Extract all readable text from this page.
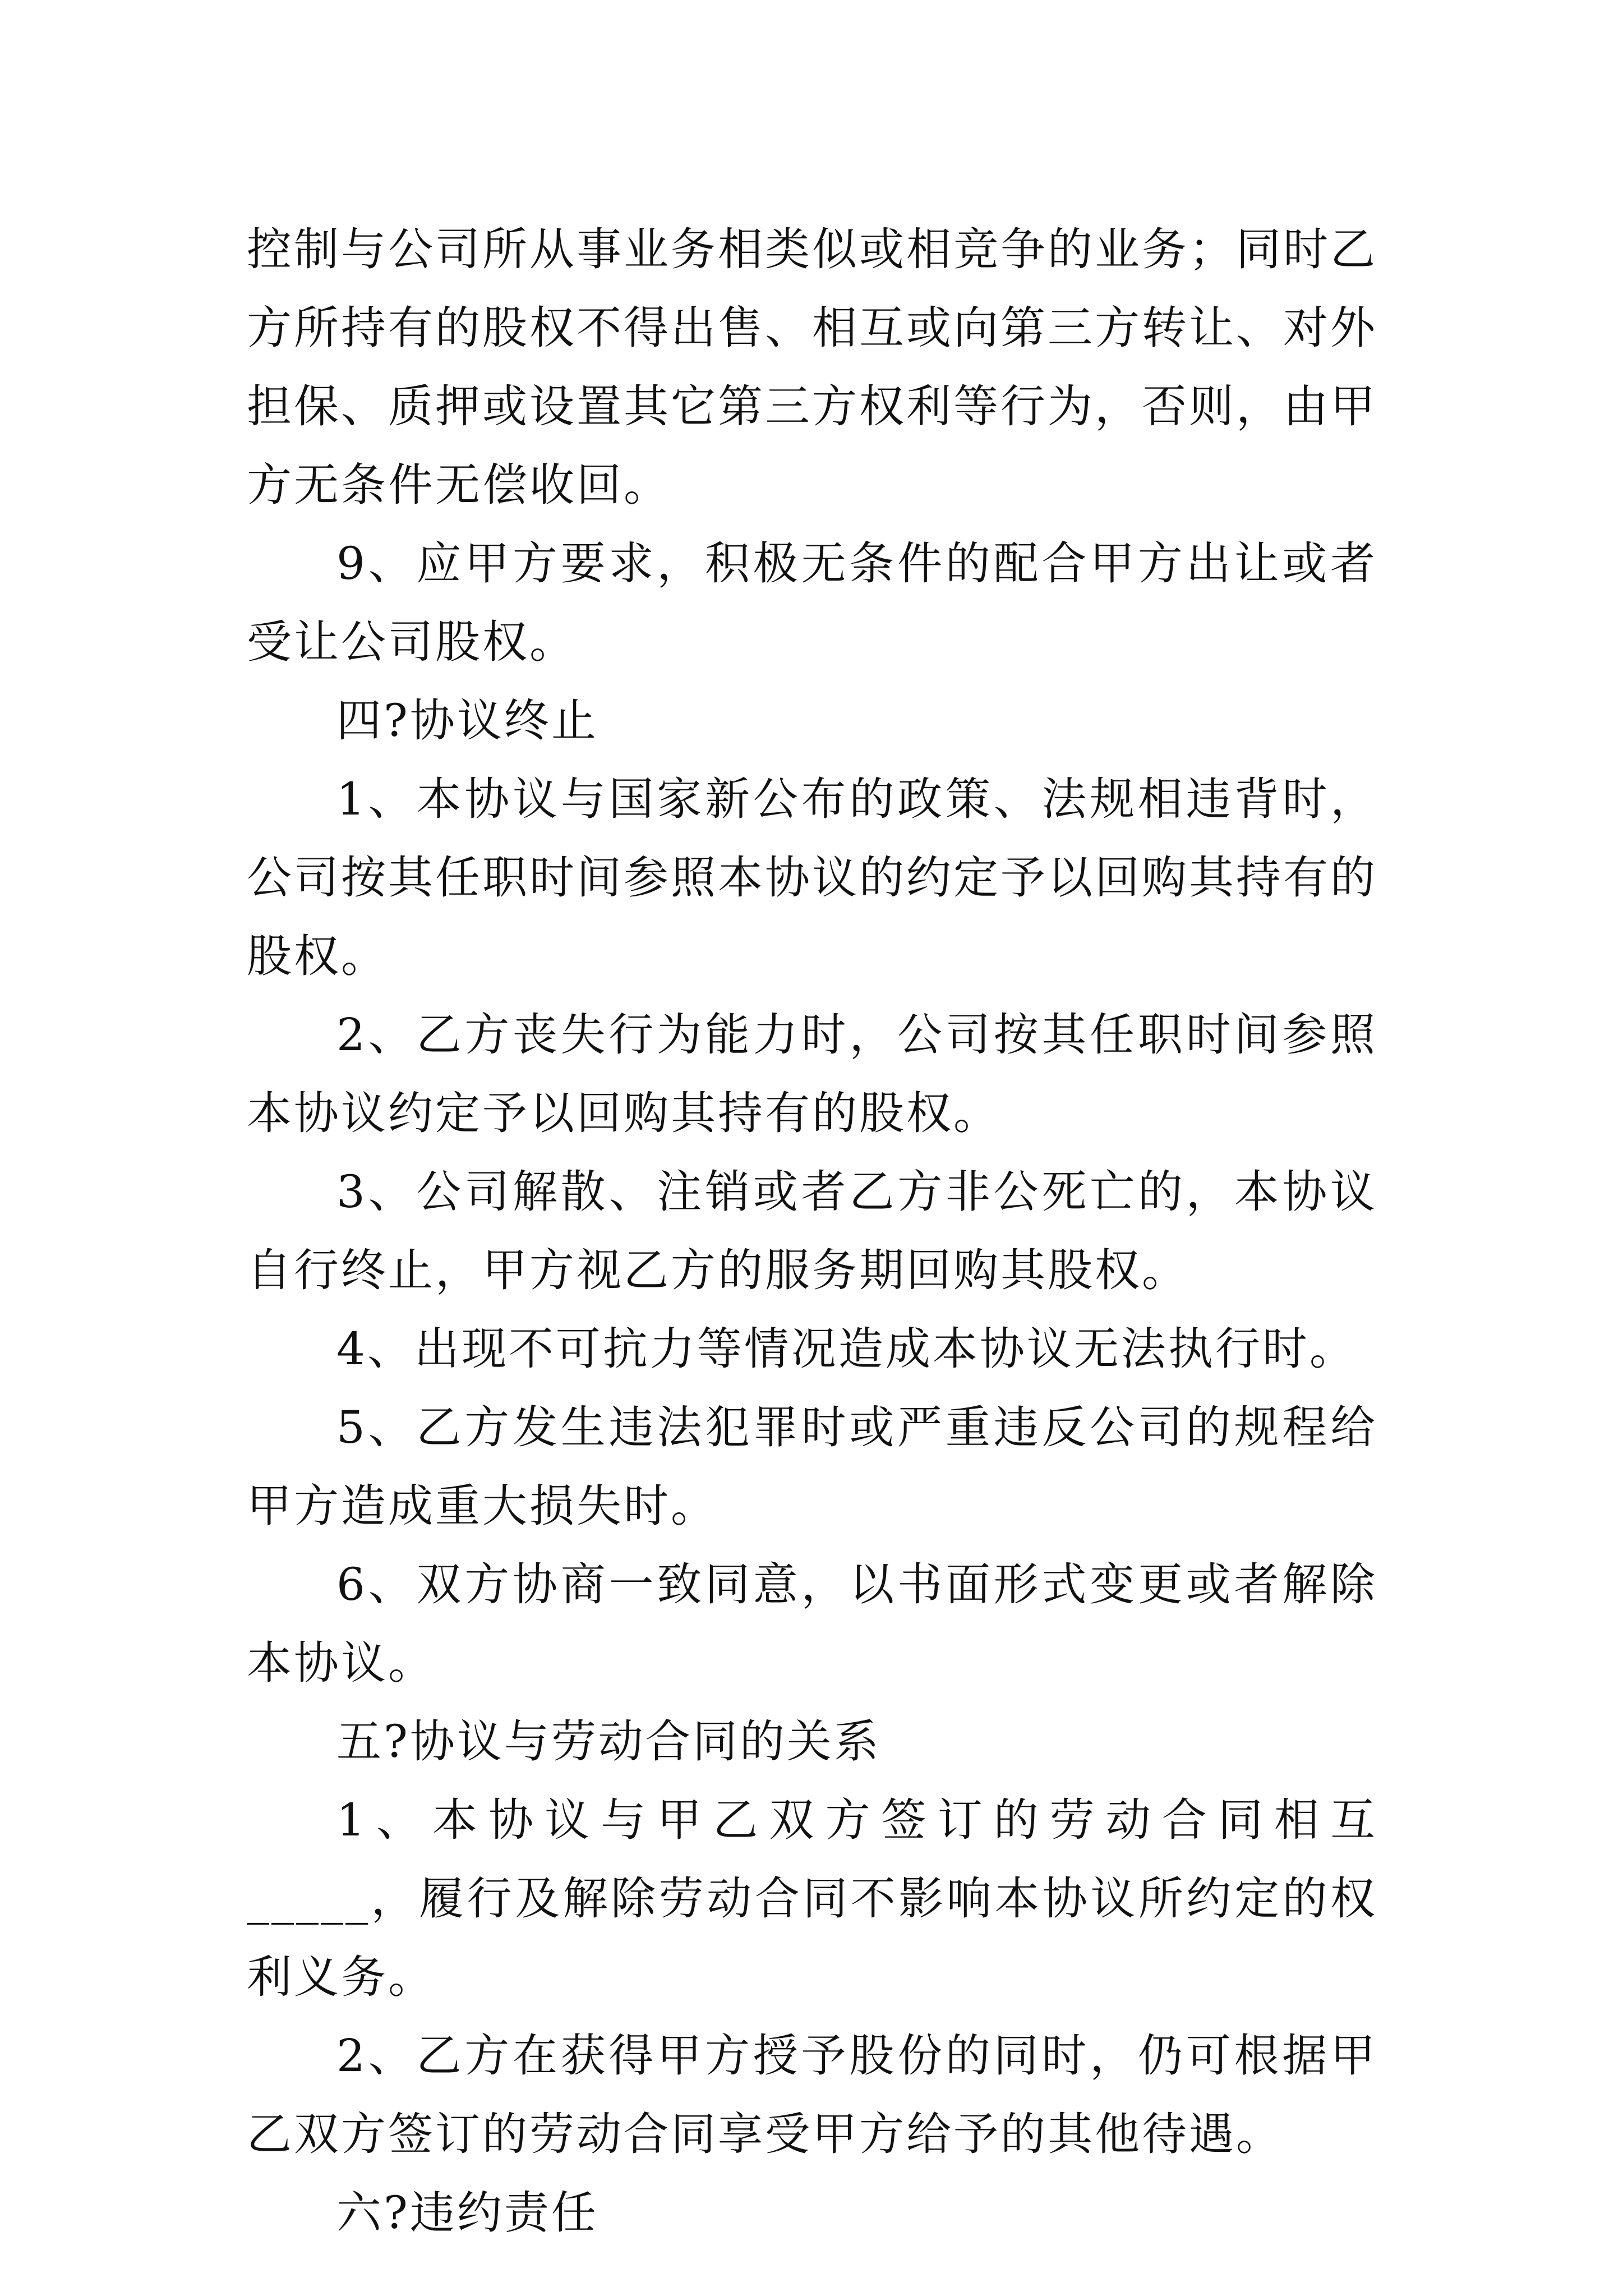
控制与公司所从事业务相类似或相竞争的业务；同时乙方所持有的股权不得出售、相互或向第三方转让、对外担保、质押或设置其它第三方权利等行为，否则，由甲方无条件无偿收回。

9、应甲方要求，积极无条件的配合甲方出让或者受让公司股权。

四?协议终止

1、本协议与国家新公布的政策、法规相违背时，公司按其任职时间参照本协议的约定予以回购其持有的股权。

2、乙方丧失行为能力时，公司按其任职时间参照本协议约定予以回购其持有的股权。

3、公司解散、注销或者乙方非公死亡的，本协议自行终止，甲方视乙方的服务期回购其股权。

4、出现不可抗力等情况造成本协议无法执行时。

5、乙方发生违法犯罪时或严重违反公司的规程给甲方造成重大损失时。

6、双方协商一致同意，以书面形式变更或者解除本协议。

五?协议与劳动合同的关系

1、本协议与甲乙双方签订的劳动合同相互_____，履行及解除劳动合同不影响本协议所约定的权利义务。

2、乙方在获得甲方授予股份的同时，仍可根据甲乙双方签订的劳动合同享受甲方给予的其他待遇。

六?违约责任
